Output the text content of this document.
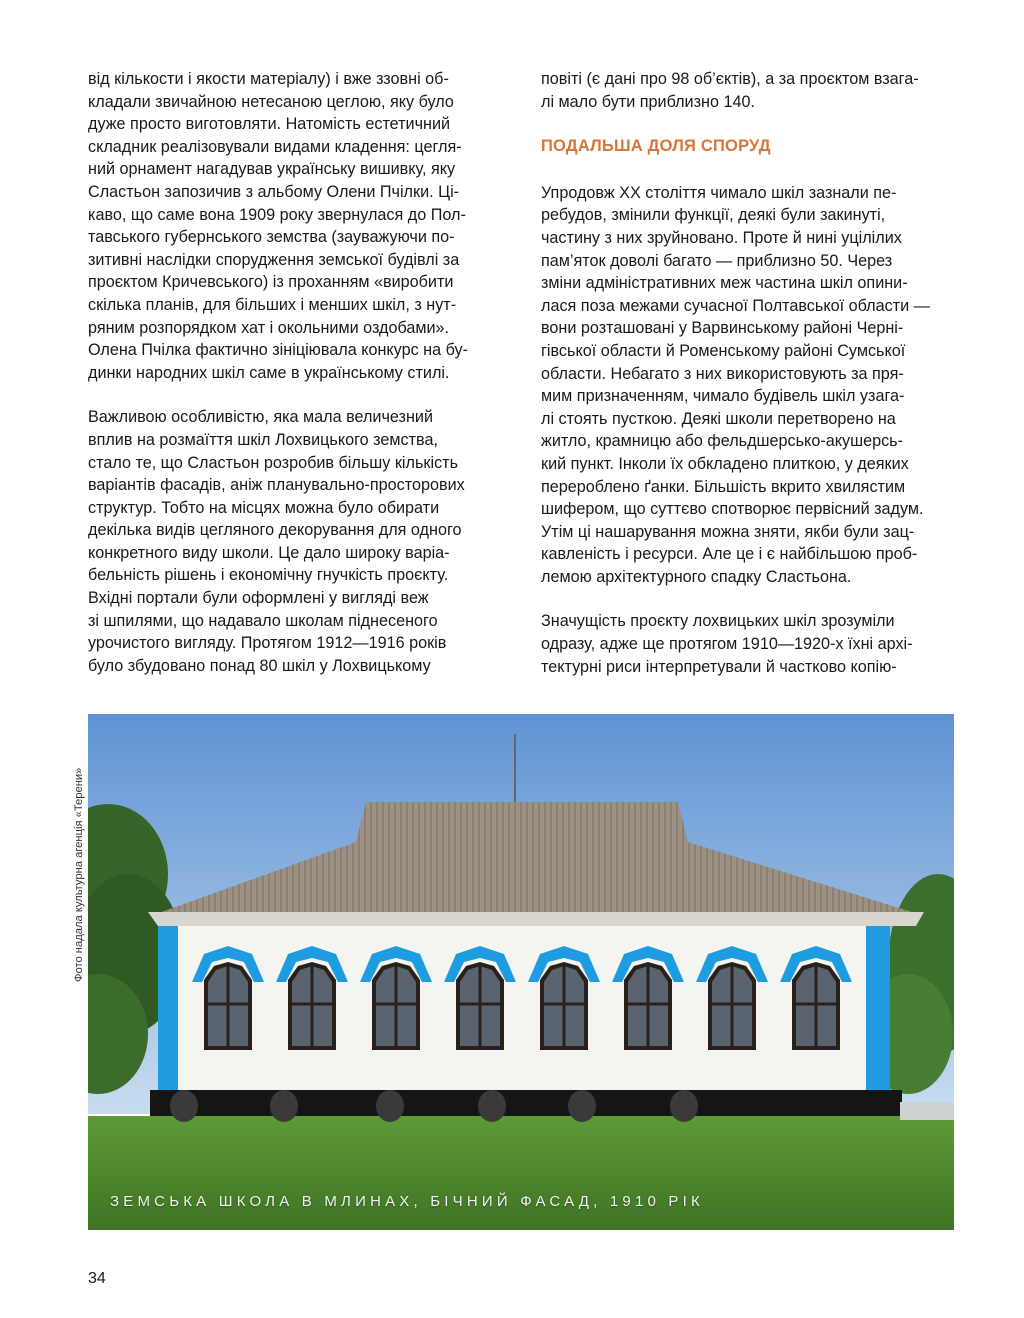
від кількости і якости матеріалу) і вже ззовні об-
кладали звичайною нетесаною цеглою, яку було
дуже просто виготовляти. Натомість естетичний
складник реалізовували видами кладення: цегля-
ний орнамент нагадував українську вишивку, яку
Сластьон запозичив з альбому Олени Пчілки. Ці-
каво, що саме вона 1909 року звернулася до Пол-
тавського губернського земства (зауважуючи по-
зитивні наслідки спорудження земської будівлі за
проєктом Кричевського) із проханням «виробити
скілька планів, для більших і менших шкіл, з нут-
ряним розпорядком хат і окольними оздобами».
Олена Пчілка фактично зініціювала конкурс на бу-
динки народних шкіл саме в українському стилі.

Важливою особливістю, яка мала величезний
вплив на розмаїття шкіл Лохвицького земства,
стало те, що Сластьон розробив більшу кількість
варіантів фасадів, аніж планувально-просторових
структур. Тобто на місцях можна було обирати
декілька видів цегляного декорування для одного
конкретного виду школи. Це дало широку варіа-
бельність рішень і економічну гнучкість проєкту.
Вхідні портали були оформлені у вигляді веж
зі шпилями, що надавало школам піднесеного
урочистого вигляду. Протягом 1912—1916 років
було збудовано понад 80 шкіл у Лохвицькому

повіті (є дані про 98 об’єктів), а за проєктом взага-
лі мало бути приблизно 140.

ПОДАЛЬША ДОЛЯ СПОРУД

Упродовж ХХ століття чимало шкіл зазнали пе-
ребудов, змінили функції, деякі були закинуті,
частину з них зруйновано. Проте й нині уцілілих
пам’яток доволі багато — приблизно 50. Через
зміни адміністративних меж частина шкіл опини-
лася поза межами сучасної Полтавської области —
вони розташовані у Варвинському районі Черні-
гівської области й Роменському районі Сумської
области. Небагато з них використовують за пря-
мим призначенням, чимало будівель шкіл узага-
лі стоять пусткою. Деякі школи перетворено на
житло, крамницю або фельдшерсько-акушерсь-
кий пункт. Інколи їх обкладено плиткою, у деяких
перероблено ґанки. Більшість вкрито хвилястим
шифером, що суттєво спотворює первісний задум.
Утім ці нашарування можна зняти, якби були зац-
кавленість і ресурси. Але це і є найбільшою проб-
лемою архітектурного спадку Сластьона.

Значущість проєкту лохвицьких шкіл зрозуміли
одразу, адже ще протягом 1910—1920-х їхні архі-
тектурні риси інтерпретували й частково копію-

Фото надала культурна агенція «Терени»
ЗЕМСЬКА ШКОЛА В МЛИНАХ, БІЧНИЙ ФАСАД, 1910 РІК
34
